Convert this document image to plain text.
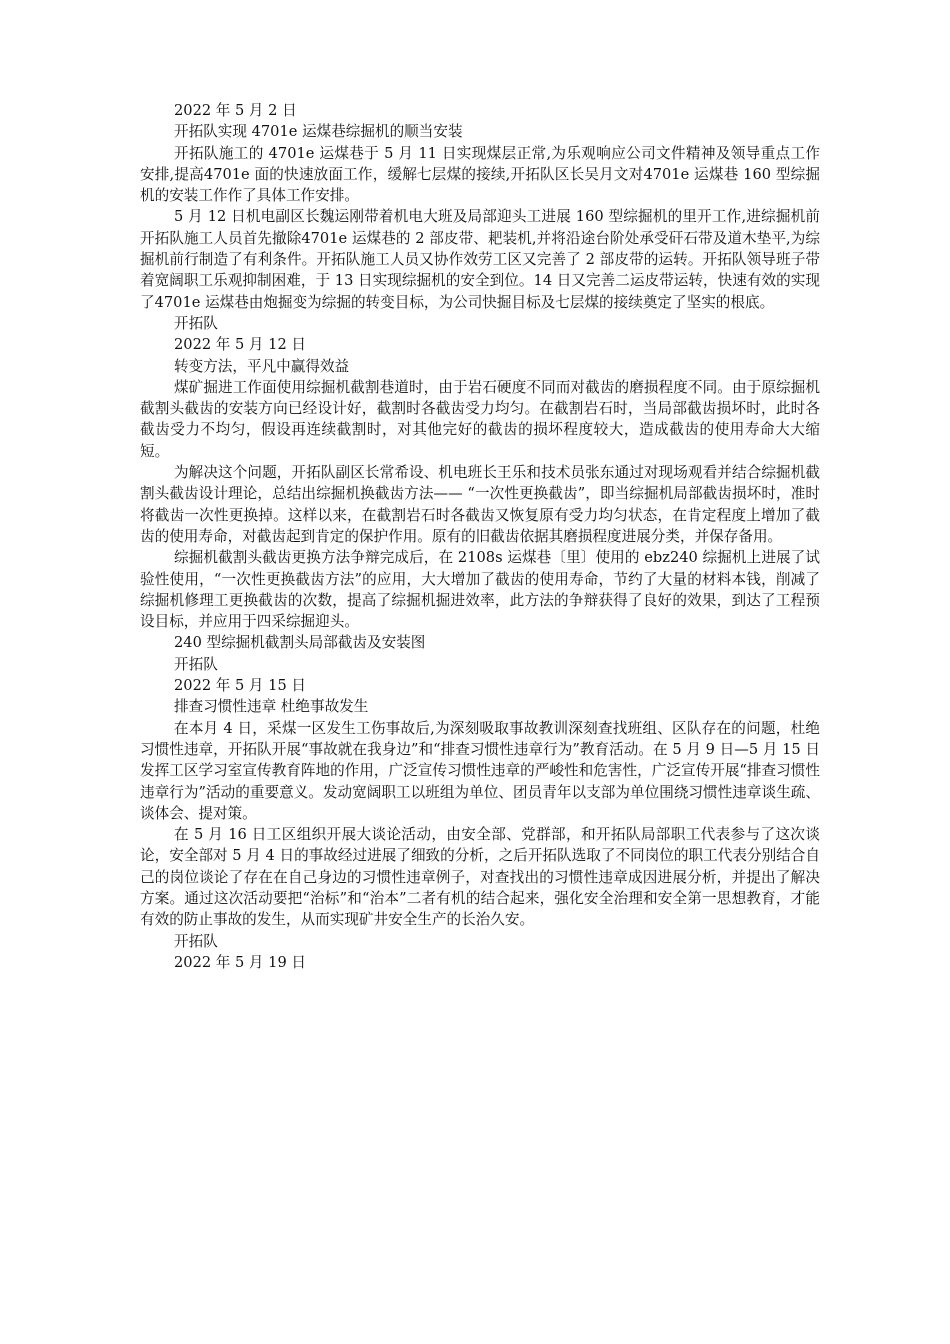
2022 年 5 月 2 日
开拓队实现 4701e 运煤巷综掘机的顺当安装
开拓队施工的 4701e 运煤巷于 5 月 11 日实现煤层正常,为乐观响应公司文件精神及领导重点工作安排,提高4701e 面的快速放面工作，缓解七层煤的接续,开拓队区长吴月文对4701e 运煤巷 160 型综掘机的安装工作作了具体工作安排。
5 月 12 日机电副区长魏运刚带着机电大班及局部迎头工进展 160 型综掘机的里开工作,进综掘机前开拓队施工人员首先撤除4701e 运煤巷的 2 部皮带、耙装机,并将沿途台阶处承受矸石带及道木垫平,为综掘机前行制造了有利条件。开拓队施工人员又协作效劳工区又完善了 2 部皮带的运转。开拓队领导班子带着宽阔职工乐观抑制困难，于 13 日实现综掘机的安全到位。14 日又完善二运皮带运转，快速有效的实现了4701e 运煤巷由炮掘变为综掘的转变目标，为公司快掘目标及七层煤的接续奠定了坚实的根底。
开拓队
2022 年 5 月 12 日
转变方法，平凡中赢得效益
煤矿掘进工作面使用综掘机截割巷道时，由于岩石硬度不同而对截齿的磨损程度不同。由于原综掘机截割头截齿的安装方向已经设计好，截割时各截齿受力均匀。在截割岩石时，当局部截齿损坏时，此时各截齿受力不均匀，假设再连续截割时，对其他完好的截齿的损坏程度较大，造成截齿的使用寿命大大缩短。
为解决这个问题，开拓队副区长常希设、机电班长王乐和技术员张东通过对现场观看并结合综掘机截割头截齿设计理论，总结出综掘机换截齿方法—— “一次性更换截齿”，即当综掘机局部截齿损坏时，准时将截齿一次性更换掉。这样以来，在截割岩石时各截齿又恢复原有受力均匀状态，在肯定程度上增加了截齿的使用寿命，对截齿起到肯定的保护作用。原有的旧截齿依据其磨损程度进展分类，并保存备用。
综掘机截割头截齿更换方法争辩完成后，在 2108s 运煤巷〔里〕使用的 ebz240 综掘机上进展了试验性使用，“一次性更换截齿方法”的应用，大大增加了截齿的使用寿命，节约了大量的材料本钱，削减了综掘机修理工更换截齿的次数，提高了综掘机掘进效率，此方法的争辩获得了良好的效果，到达了工程预设目标，并应用于四采综掘迎头。
240 型综掘机截割头局部截齿及安装图
开拓队
2022 年 5 月 15 日
排查习惯性违章 杜绝事故发生
在本月 4 日，采煤一区发生工伤事故后,为深刻吸取事故教训深刻查找班组、区队存在的问题，杜绝习惯性违章，开拓队开展“事故就在我身边”和“排查习惯性违章行为”教育活动。在 5 月 9 日—5 月 15 日发挥工区学习室宣传教育阵地的作用，广泛宣传习惯性违章的严峻性和危害性，广泛宣传开展“排查习惯性违章行为”活动的重要意义。发动宽阔职工以班组为单位、团员青年以支部为单位围绕习惯性违章谈生疏、谈体会、提对策。
在 5 月 16 日工区组织开展大谈论活动，由安全部、党群部，和开拓队局部职工代表参与了这次谈论，安全部对 5 月 4 日的事故经过进展了细致的分析，之后开拓队选取了不同岗位的职工代表分别结合自己的岗位谈论了存在在自己身边的习惯性违章例子，对查找出的习惯性违章成因进展分析，并提出了解决方案。通过这次活动要把“治标”和“治本”二者有机的结合起来，强化安全治理和安全第一思想教育，才能有效的防止事故的发生，从而实现矿井安全生产的长治久安。
开拓队
2022 年 5 月 19 日
